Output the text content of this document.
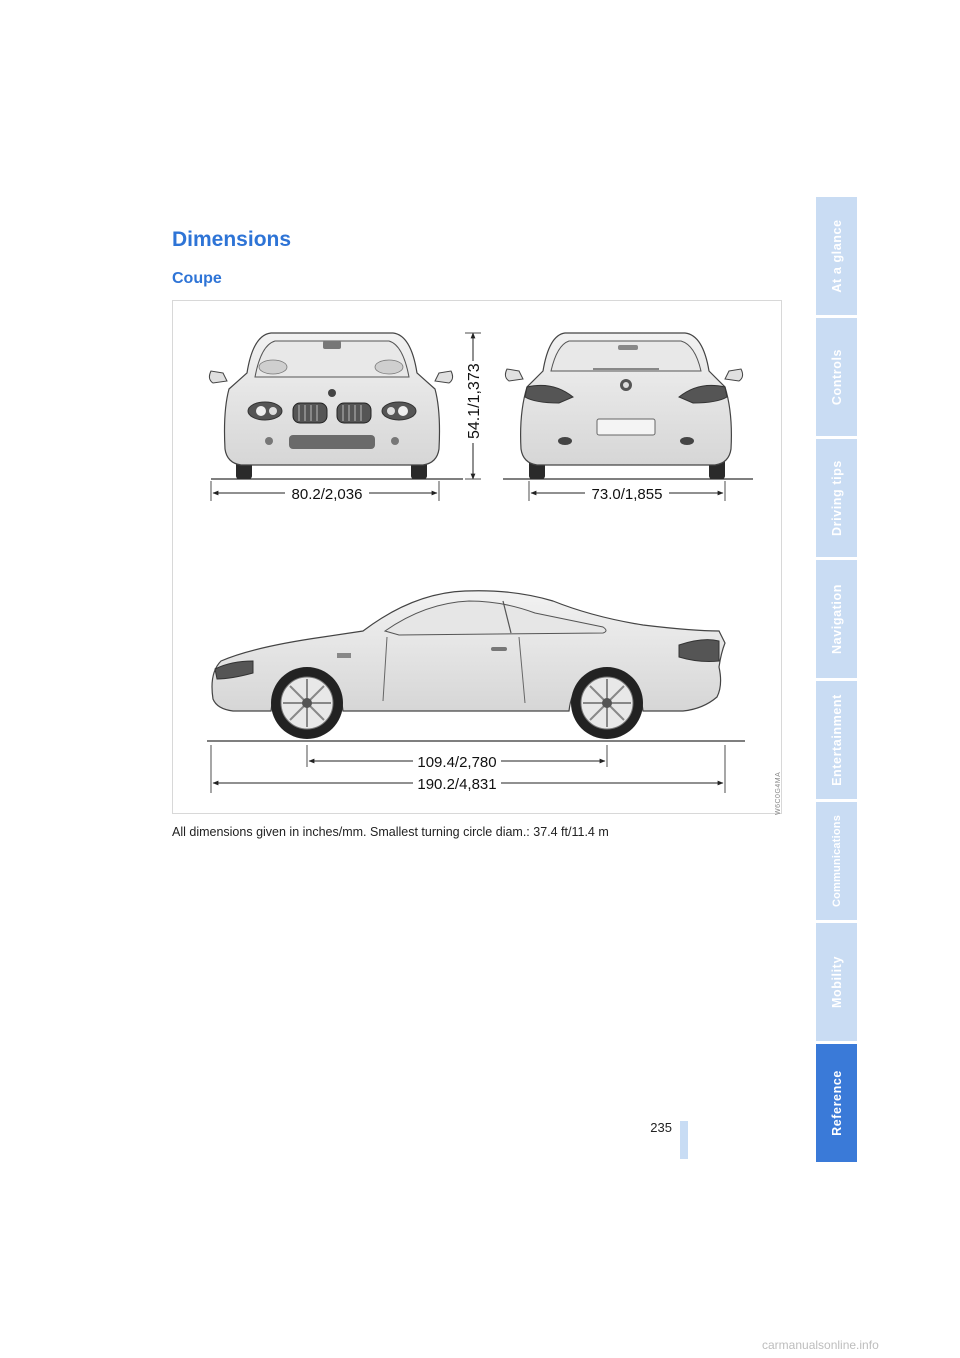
Dimensions
Coupe
54.1/1,373
80.2/2,036	73.0/1,855
109.4/2,780
190.2/4,831	W6C0G4MA

All dimensions given in inches/mm. Smallest turning circle diam.: 37.4 ft/11.4 m

235
At a glance
Controls
Driving tips
Navigation
Entertainment
Communications
Mobility
Reference
carmanualsonline.info
